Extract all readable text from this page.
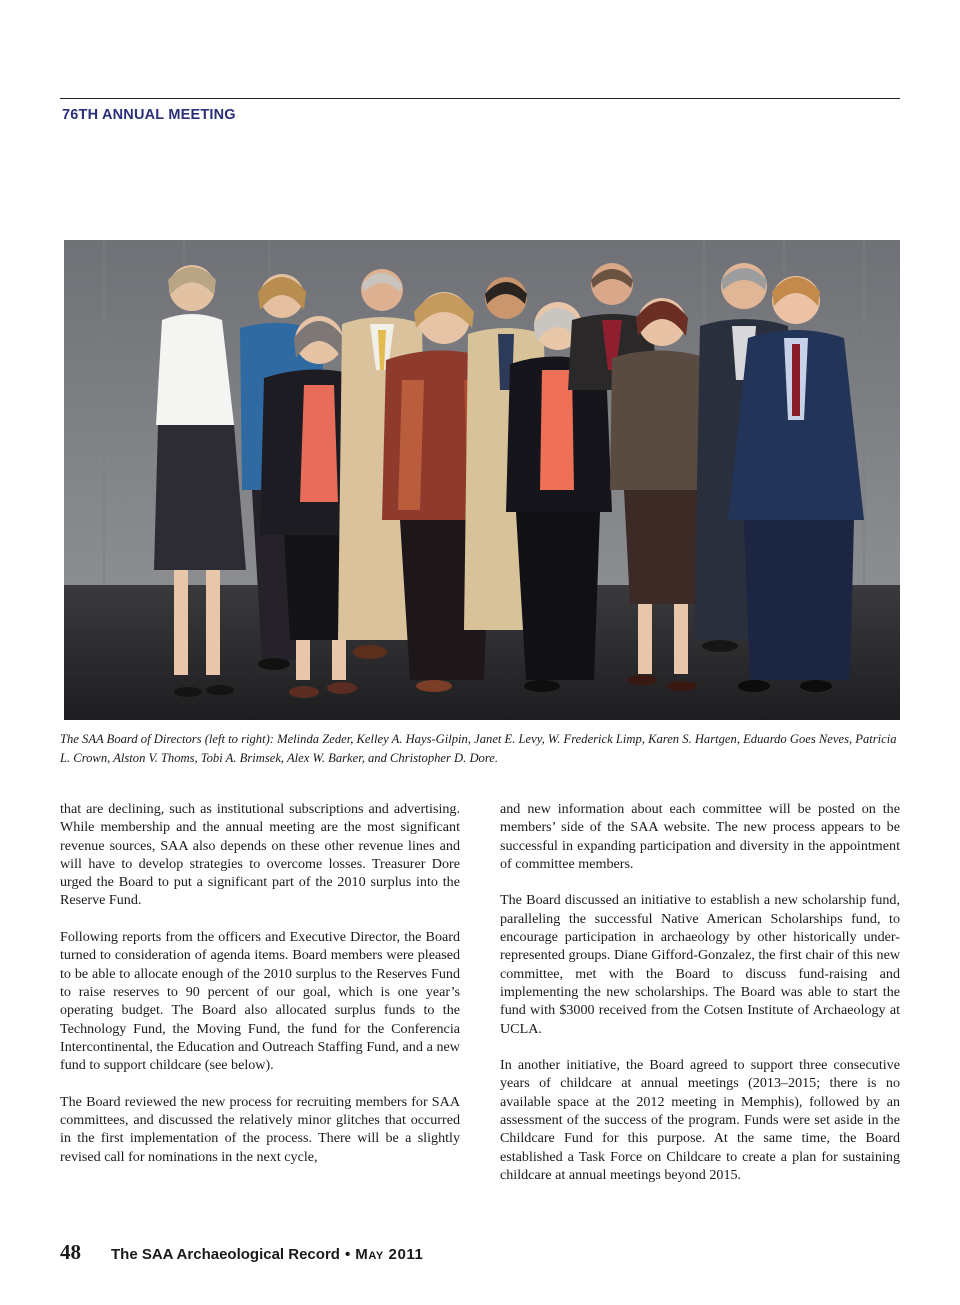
76TH ANNUAL MEETING
The SAA Board of Directors (left to right): Melinda Zeder, Kelley A. Hays-Gilpin, Janet E. Levy, W. Frederick Limp, Karen S. Hartgen, Eduardo Goes Neves, Patricia L. Crown, Alston V. Thoms, Tobi A. Brimsek, Alex W. Barker, and Christopher D. Dore.

that are declining, such as institutional subscriptions and advertising. While membership and the annual meeting are the most significant revenue sources, SAA also depends on these other revenue lines and will have to develop strategies to overcome losses. Treasurer Dore urged the Board to put a significant part of the 2010 surplus into the Reserve Fund.

Following reports from the officers and Executive Director, the Board turned to consideration of agenda items. Board members were pleased to be able to allocate enough of the 2010 surplus to the Reserves Fund to raise reserves to 90 percent of our goal, which is one year’s operating budget. The Board also allocated surplus funds to the Technology Fund, the Moving Fund, the fund for the Conferencia Intercontinental, the Education and Outreach Staffing Fund, and a new fund to support childcare (see below).

The Board reviewed the new process for recruiting members for SAA committees, and discussed the relatively minor glitches that occurred in the first implementation of the process. There will be a slightly revised call for nominations in the next cycle,

and new information about each committee will be posted on the members’ side of the SAA website. The new process appears to be successful in expanding participation and diversity in the appointment of committee members.

The Board discussed an initiative to establish a new scholarship fund, paralleling the successful Native American Scholarships fund, to encourage participation in archaeology by other historically under-represented groups. Diane Gifford-Gonzalez, the first chair of this new committee, met with the Board to discuss fund-raising and implementing the new scholarships. The Board was able to start the fund with $3000 received from the Cotsen Institute of Archaeology at UCLA.

In another initiative, the Board agreed to support three consecutive years of childcare at annual meetings (2013–2015; there is no available space at the 2012 meeting in Memphis), followed by an assessment of the success of the program. Funds were set aside in the Childcare Fund for this purpose. At the same time, the Board established a Task Force on Childcare to create a plan for sustaining childcare at annual meetings beyond 2015.

48 The SAA Archaeological Record • May 2011
